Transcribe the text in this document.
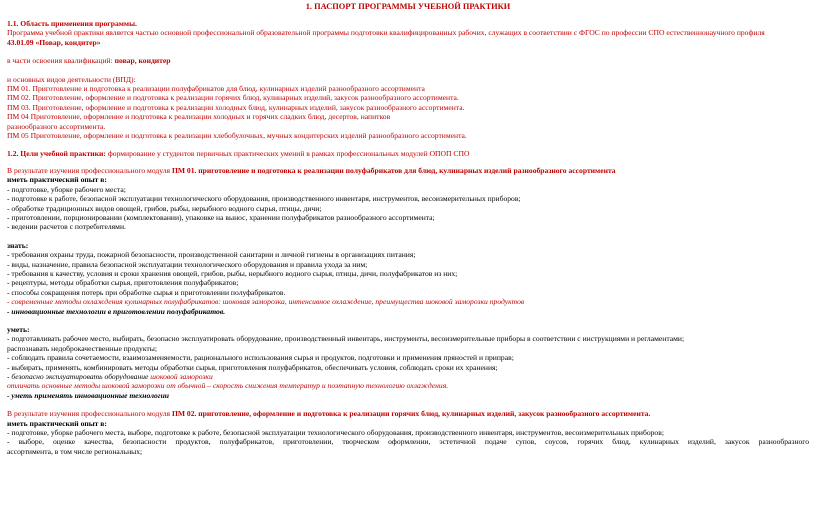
1. ПАСПОРТ ПРОГРАММЫ УЧЕБНОЙ ПРАКТИКИ
1.1. Область применения программы.
Программа учебной практики является частью основной профессиональной образовательной программы подготовки квалифицированных рабочих, служащих в соответствии с ФГОС по профессии СПО естественнонаучного профиля
43.01.09 «Повар, кондитер»
в части освоения квалификаций: повар, кондитер
и основных видов деятельности (ВПД):
ПМ 01. Приготовление и подготовка к реализации полуфабрикатов для блюд, кулинарных изделий разнообразного ассортимента
ПМ 02. Приготовление, оформление и подготовка к реализации горячих блюд, кулинарных изделий, закусок разнообразного ассортимента.
ПМ 03. Приготовление, оформление и подготовка к реализации холодных блюд, кулинарных изделий, закусок разнообразного ассортимента.
ПМ 04 Приготовление, оформление и подготовка к реализации холодных и горячих сладких блюд, десертов, напитков
разнообразного ассортимента.
ПМ 05 Приготовление, оформление и подготовка к реализации хлебобулочных, мучных кондитерских изделий разнообразного ассортимента.
1.2. Цели учебной практики: формирование у студентов первичных практических умений в рамках профессиональных модулей ОПОП СПО
В результате изучения профессионального модуля ПМ 01. приготовление и подготовка к реализации полуфабрикатов для блюд, кулинарных изделий разнообразного ассортимента
иметь практический опыт в:
- подготовке, уборке рабочего места;
- подготовке к работе, безопасной эксплуатации технологического оборудования, производственного инвентаря, инструментов, весоизмерительных приборов;
- обработке традиционных видов овощей, грибов, рыбы, нерыбного водного сырья, птицы, дичи;
- приготовлении, порционировании (комплектовании), упаковке на вынос, хранении полуфабрикатов разнообразного ассортимента;
- ведении расчетов с потребителями.
знать:
- требования охраны труда, пожарной безопасности, производственной санитарии и личной гигиены в организациях питания;
- виды, назначение, правила безопасной эксплуатации технологического оборудования и правила ухода за ним;
- требования к качеству, условия и сроки хранения овощей, грибов, рыбы, нерыбного водного сырья, птицы, дичи, полуфабрикатов из них;
- рецептуры, методы обработки сырья, приготовления полуфабрикатов;
- способы сокращения потерь при обработке сырья и приготовлении полуфабрикатов.
- современные методы охлаждения кулинарных полуфабрикатов: шоковая заморозка, интенсивное охлаждение, преимущества шоковой заморозки продуктов
- инновационные технологии в приготовлении полуфабрикатов.
уметь:
- подготавливать рабочее место, выбирать, безопасно эксплуатировать оборудование, производственный инвентарь, инструменты, весоизмерительные приборы в соответствии с инструкциями и регламентами;
распознавать недоброкачественные продукты;
- соблюдать правила сочетаемости, взаимозаменяемости, рационального использования сырья и продуктов, подготовки и применения пряностей и приправ;
- выбирать, применять, комбинировать методы обработки сырья, приготовления полуфабрикатов, обеспечивать условия, соблюдать сроки их хранения;
- безопасно эксплуатировать оборудование шоковой заморозки
отличать основные методы шоковой заморозки от обычной – скорость снижения температур и поэтапную технологию охлаждения.
- уметь применять инновационные технологии
В результате изучения профессионального модуля ПМ 02. приготовление, оформление и подготовка к реализации горячих блюд, кулинарных изделий, закусок разнообразного ассортимента.
иметь практический опыт в:
- подготовке, уборке рабочего места, выборе, подготовке к работе, безопасной эксплуатации технологического оборудования, производственного инвентаря, инструментов, весоизмерительных приборов;
- выборе, оценке качества, безопасности продуктов, полуфабрикатов, приготовлении, творческом оформлении, эстетичной подаче супов, соусов, горячих блюд, кулинарных изделий, закусок разнообразного
ассортимента, в том числе региональных;
